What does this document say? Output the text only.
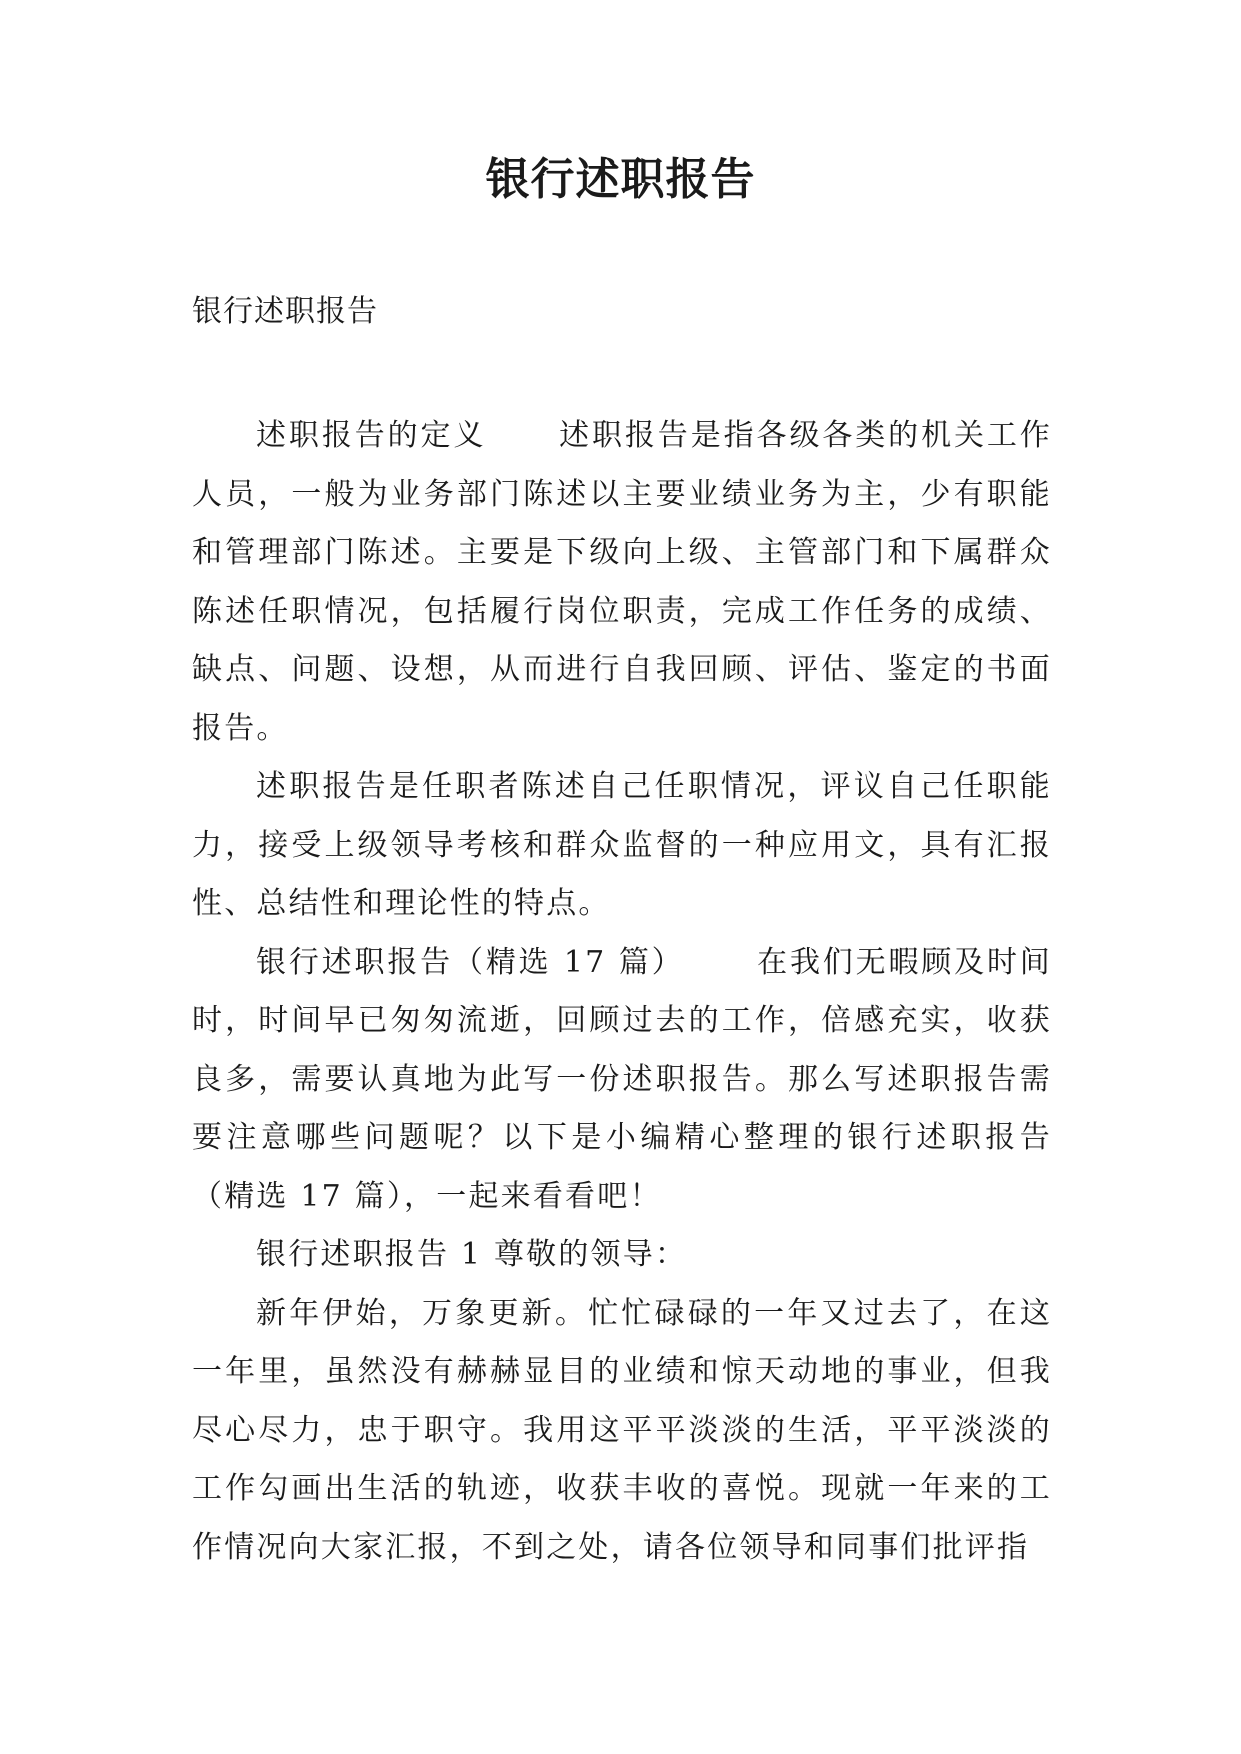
银行述职报告

银行述职报告

述职报告的定义 述职报告是指各级各类的机关工作人员，一般为业务部门陈述以主要业绩业务为主，少有职能和管理部门陈述。主要是下级向上级、主管部门和下属群众陈述任职情况，包括履行岗位职责，完成工作任务的成绩、缺点、问题、设想，从而进行自我回顾、评估、鉴定的书面报告。

述职报告是任职者陈述自己任职情况，评议自己任职能力，接受上级领导考核和群众监督的一种应用文，具有汇报性、总结性和理论性的特点。

银行述职报告（精选 17 篇） 在我们无暇顾及时间时，时间早已匆匆流逝，回顾过去的工作，倍感充实，收获良多，需要认真地为此写一份述职报告。那么写述职报告需要注意哪些问题呢？以下是小编精心整理的银行述职报告（精选 17 篇），一起来看看吧！

银行述职报告 1 尊敬的领导：

新年伊始，万象更新。忙忙碌碌的一年又过去了，在这一年里，虽然没有赫赫显目的业绩和惊天动地的事业，但我尽心尽力，忠于职守。我用这平平淡淡的生活，平平淡淡的工作勾画出生活的轨迹，收获丰收的喜悦。现就一年来的工作情况向大家汇报，不到之处，请各位领导和同事们批评指
